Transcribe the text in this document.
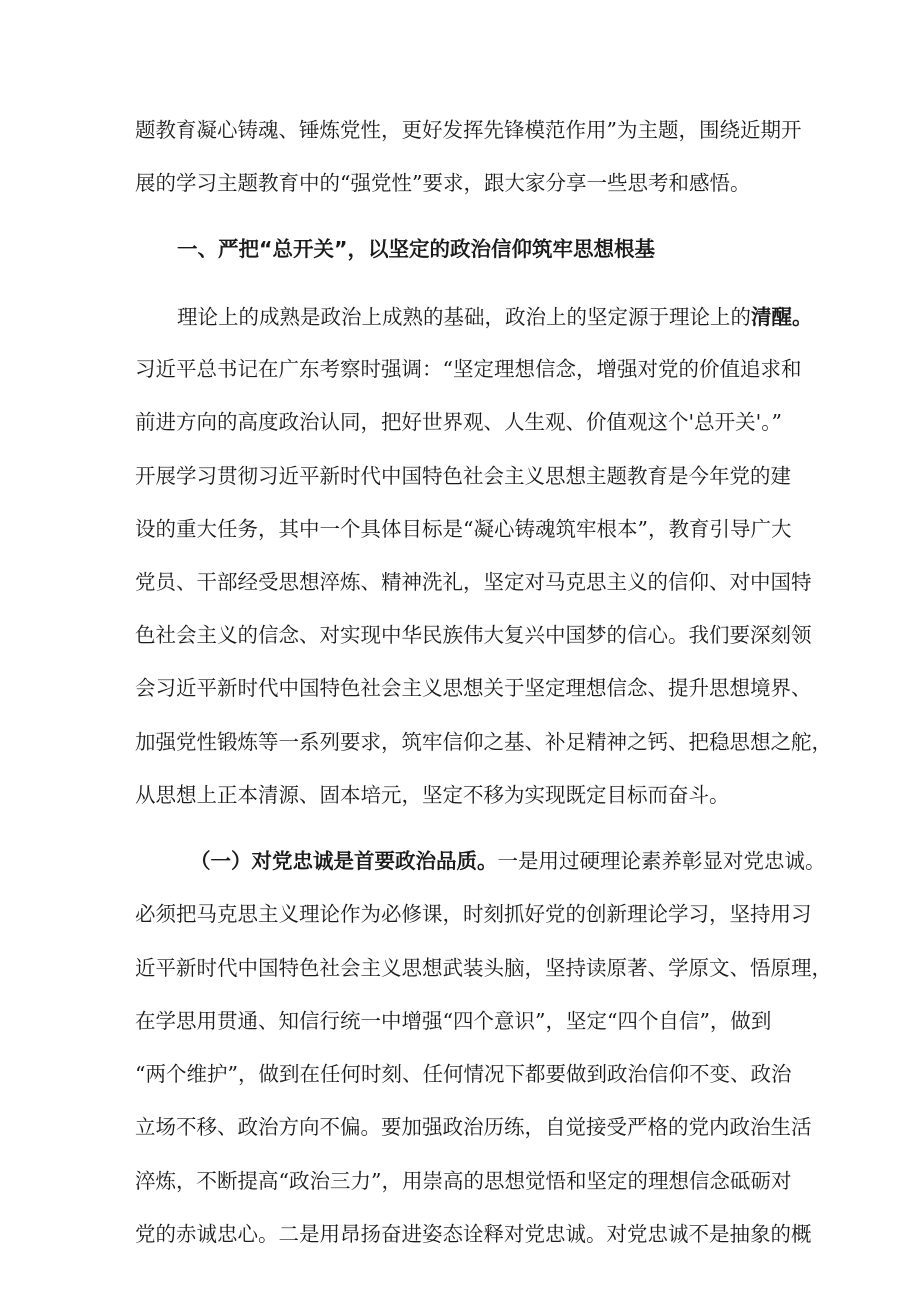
题教育凝心铸魂、锤炼党性，更好发挥先锋模范作用”为主题，围绕近期开
展的学习主题教育中的“强党性”要求，跟大家分享一些思考和感悟。
一、严把“总开关”，以坚定的政治信仰筑牢思想根基
理论上的成熟是政治上成熟的基础，政治上的坚定源于理论上的清醒。
习近平总书记在广东考察时强调：“坚定理想信念，增强对党的价值追求和
前进方向的高度政治认同，把好世界观、人生观、价值观这个'总开关'。”
开展学习贯彻习近平新时代中国特色社会主义思想主题教育是今年党的建
设的重大任务，其中一个具体目标是“凝心铸魂筑牢根本”，教育引导广大
党员、干部经受思想淬炼、精神洗礼，坚定对马克思主义的信仰、对中国特
色社会主义的信念、对实现中华民族伟大复兴中国梦的信心。我们要深刻领
会习近平新时代中国特色社会主义思想关于坚定理想信念、提升思想境界、
加强党性锻炼等一系列要求，筑牢信仰之基、补足精神之钙、把稳思想之舵，
从思想上正本清源、固本培元，坚定不移为实现既定目标而奋斗。
（一）对党忠诚是首要政治品质。一是用过硬理论素养彰显对党忠诚。
必须把马克思主义理论作为必修课，时刻抓好党的创新理论学习，坚持用习
近平新时代中国特色社会主义思想武装头脑，坚持读原著、学原文、悟原理，
在学思用贯通、知信行统一中增强“四个意识”，坚定“四个自信”，做到
“两个维护”，做到在任何时刻、任何情况下都要做到政治信仰不变、政治
立场不移、政治方向不偏。要加强政治历练，自觉接受严格的党内政治生活
淬炼，不断提高“政治三力”，用崇高的思想觉悟和坚定的理想信念砥砺对
党的赤诚忠心。二是用昂扬奋进姿态诠释对党忠诚。对党忠诚不是抽象的概
